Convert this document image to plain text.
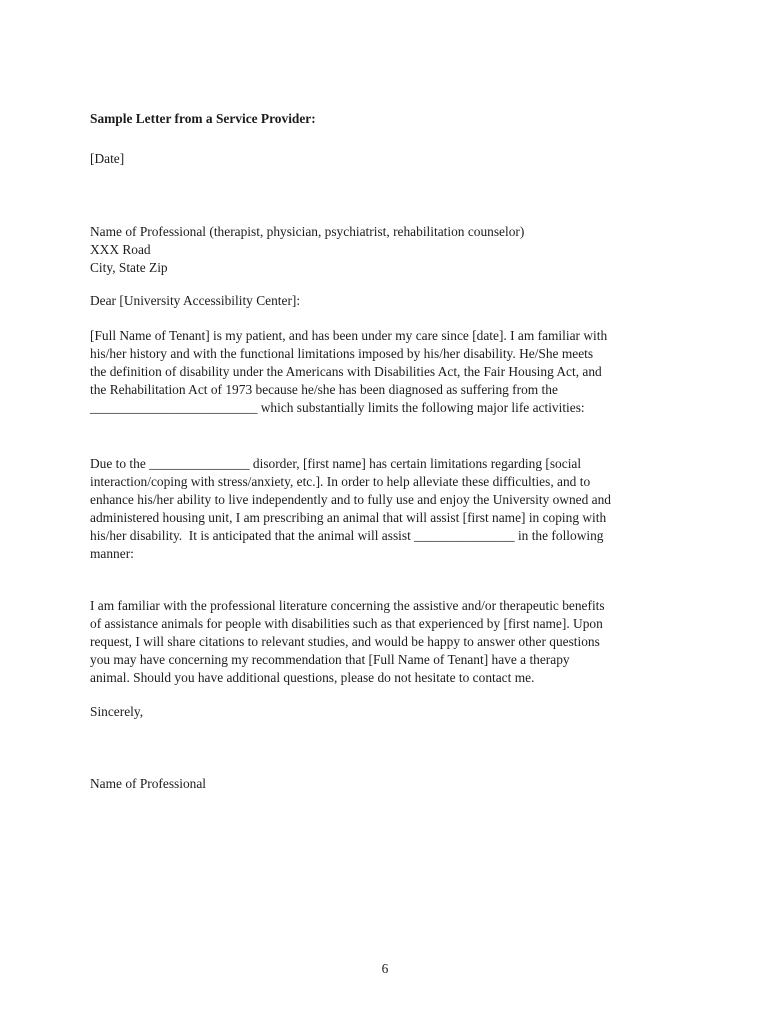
Sample Letter from a Service Provider:
[Date]
Name of Professional (therapist, physician, psychiatrist, rehabilitation counselor)
XXX Road
City, State Zip
Dear [University Accessibility Center]:
[Full Name of Tenant] is my patient, and has been under my care since [date]. I am familiar with
his/her history and with the functional limitations imposed by his/her disability. He/She meets
the definition of disability under the Americans with Disabilities Act, the Fair Housing Act, and
the Rehabilitation Act of 1973 because he/she has been diagnosed as suffering from the
_________________________ which substantially limits the following major life activities:
Due to the _______________ disorder, [first name] has certain limitations regarding [social
interaction/coping with stress/anxiety, etc.]. In order to help alleviate these difficulties, and to
enhance his/her ability to live independently and to fully use and enjoy the University owned and
administered housing unit, I am prescribing an animal that will assist [first name] in coping with
his/her disability.  It is anticipated that the animal will assist _______________ in the following
manner:
I am familiar with the professional literature concerning the assistive and/or therapeutic benefits
of assistance animals for people with disabilities such as that experienced by [first name]. Upon
request, I will share citations to relevant studies, and would be happy to answer other questions
you may have concerning my recommendation that [Full Name of Tenant] have a therapy
animal. Should you have additional questions, please do not hesitate to contact me.
Sincerely,
Name of Professional
6
